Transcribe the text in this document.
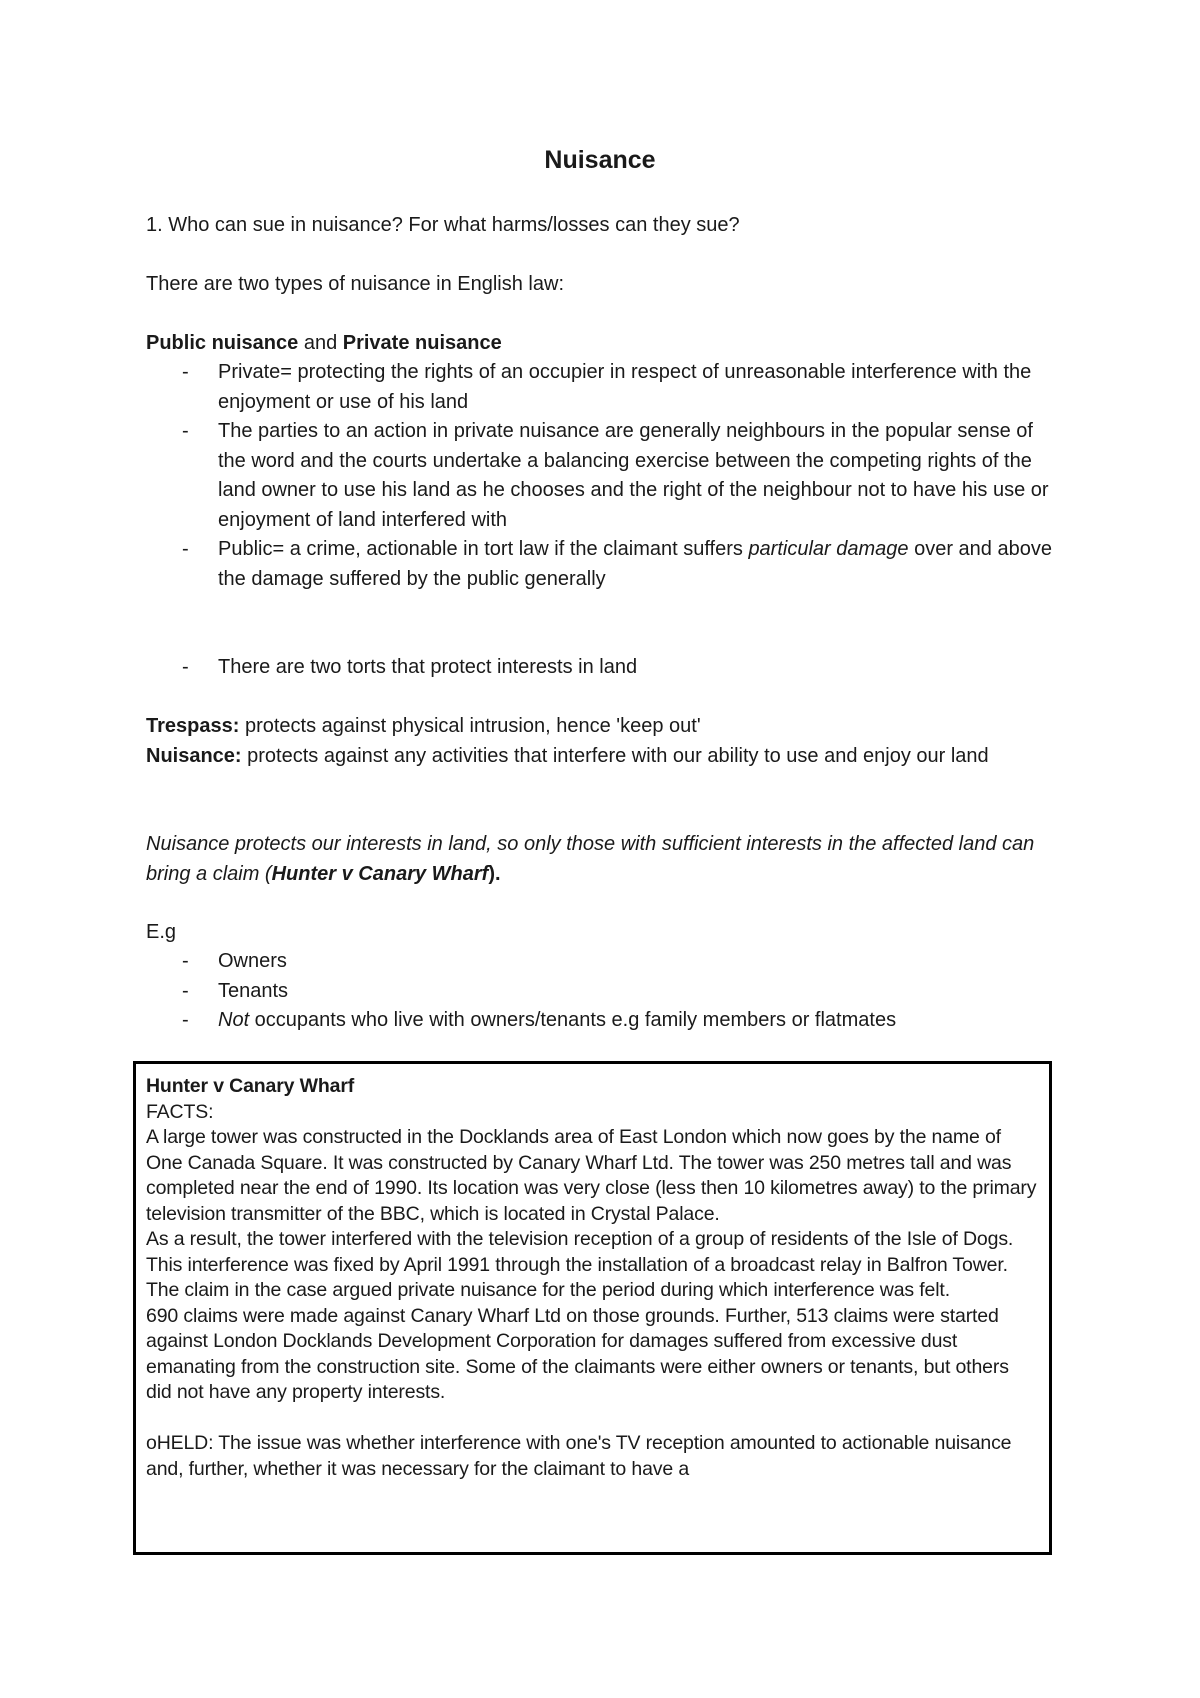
Nuisance

1. Who can sue in nuisance? For what harms/losses can they sue?

There are two types of nuisance in English law:

Public nuisance and Private nuisance

- Private= protecting the rights of an occupier in respect of unreasonable interference with the enjoyment or use of his land
- The parties to an action in private nuisance are generally neighbours in the popular sense of the word and the courts undertake a balancing exercise between the competing rights of the land owner to use his land as he chooses and the right of the neighbour not to have his use or enjoyment of land interfered with
- Public= a crime, actionable in tort law if the claimant suffers particular damage over and above the damage suffered by the public generally
- There are two torts that protect interests in land

Trespass: protects against physical intrusion, hence 'keep out'

Nuisance: protects against any activities that interfere with our ability to use and enjoy our land

Nuisance protects our interests in land, so only those with sufficient interests in the affected land can bring a claim (Hunter v Canary Wharf).

E.g

- Owners
- Tenants
- Not occupants who live with owners/tenants e.g family members or flatmates

Hunter v Canary Wharf

FACTS:

A large tower was constructed in the Docklands area of East London which now goes by the name of One Canada Square. It was constructed by Canary Wharf Ltd. The tower was 250 metres tall and was completed near the end of 1990. Its location was very close (less then 10 kilometres away) to the primary television transmitter of the BBC, which is located in Crystal Palace.

As a result, the tower interfered with the television reception of a group of residents of the Isle of Dogs. This interference was fixed by April 1991 through the installation of a broadcast relay in Balfron Tower. The claim in the case argued private nuisance for the period during which interference was felt.

690 claims were made against Canary Wharf Ltd on those grounds. Further, 513 claims were started against London Docklands Development Corporation for damages suffered from excessive dust emanating from the construction site. Some of the claimants were either owners or tenants, but others did not have any property interests.

oHELD: The issue was whether interference with one's TV reception amounted to actionable nuisance and, further, whether it was necessary for the claimant to have a
